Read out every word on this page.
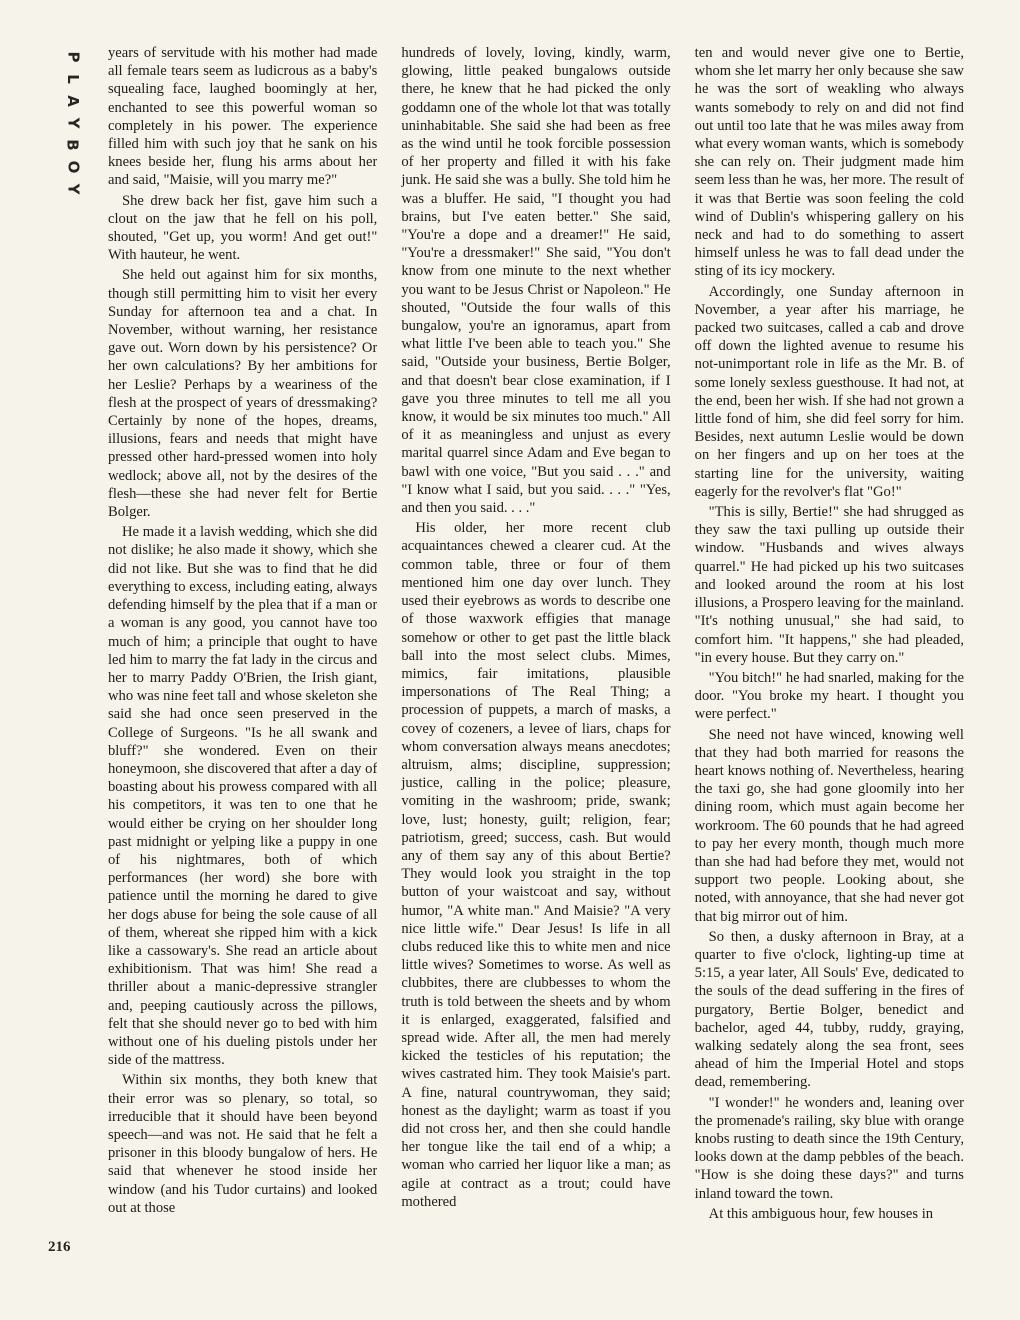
P
L
A
Y
B
O
Y
216

years of servitude with his mother had made all female tears seem as ludicrous as a baby's squealing face, laughed boomingly at her, enchanted to see this powerful woman so completely in his power. The experience filled him with such joy that he sank on his knees beside her, flung his arms about her and said, "Maisie, will you marry me?"

She drew back her fist, gave him such a clout on the jaw that he fell on his poll, shouted, "Get up, you worm! And get out!" With hauteur, he went.

She held out against him for six months, though still permitting him to visit her every Sunday for afternoon tea and a chat. In November, without warning, her resistance gave out. Worn down by his persistence? Or her own calculations? By her ambitions for her Leslie? Perhaps by a weariness of the flesh at the prospect of years of dressmaking? Certainly by none of the hopes, dreams, illusions, fears and needs that might have pressed other hard-pressed women into holy wedlock; above all, not by the desires of the flesh—these she had never felt for Bertie Bolger.

He made it a lavish wedding, which she did not dislike; he also made it showy, which she did not like. But she was to find that he did everything to excess, including eating, always defending himself by the plea that if a man or a woman is any good, you cannot have too much of him; a principle that ought to have led him to marry the fat lady in the circus and her to marry Paddy O'Brien, the Irish giant, who was nine feet tall and whose skeleton she said she had once seen preserved in the College of Surgeons. "Is he all swank and bluff?" she wondered. Even on their honeymoon, she discovered that after a day of boasting about his prowess compared with all his competitors, it was ten to one that he would either be crying on her shoulder long past midnight or yelping like a puppy in one of his nightmares, both of which performances (her word) she bore with patience until the morning he dared to give her dogs abuse for being the sole cause of all of them, whereat she ripped him with a kick like a cassowary's. She read an article about exhibitionism. That was him! She read a thriller about a manic-depressive strangler and, peeping cautiously across the pillows, felt that she should never go to bed with him without one of his dueling pistols under her side of the mattress.

Within six months, they both knew that their error was so plenary, so total, so irreducible that it should have been beyond speech—and was not. He said that he felt a prisoner in this bloody bungalow of hers. He said that whenever he stood inside her window (and his Tudor curtains) and looked out at those

hundreds of lovely, loving, kindly, warm, glowing, little peaked bungalows outside there, he knew that he had picked the only goddamn one of the whole lot that was totally uninhabitable. She said she had been as free as the wind until he took forcible possession of her property and filled it with his fake junk. He said she was a bully. She told him he was a bluffer. He said, "I thought you had brains, but I've eaten better." She said, "You're a dope and a dreamer!" He said, "You're a dressmaker!" She said, "You don't know from one minute to the next whether you want to be Jesus Christ or Napoleon." He shouted, "Outside the four walls of this bungalow, you're an ignoramus, apart from what little I've been able to teach you." She said, "Outside your business, Bertie Bolger, and that doesn't bear close examination, if I gave you three minutes to tell me all you know, it would be six minutes too much." All of it as meaningless and unjust as every marital quarrel since Adam and Eve began to bawl with one voice, "But you said . . ." and "I know what I said, but you said. . . ." "Yes, and then you said. . . ."

His older, her more recent club acquaintances chewed a clearer cud. At the common table, three or four of them mentioned him one day over lunch. They used their eyebrows as words to describe one of those waxwork effigies that manage somehow or other to get past the little black ball into the most select clubs. Mimes, mimics, fair imitations, plausible impersonations of The Real Thing; a procession of puppets, a march of masks, a covey of cozeners, a levee of liars, chaps for whom conversation always means anecdotes; altruism, alms; discipline, suppression; justice, calling in the police; pleasure, vomiting in the washroom; pride, swank; love, lust; honesty, guilt; religion, fear; patriotism, greed; success, cash. But would any of them say any of this about Bertie? They would look you straight in the top button of your waistcoat and say, without humor, "A white man." And Maisie? "A very nice little wife." Dear Jesus! Is life in all clubs reduced like this to white men and nice little wives? Sometimes to worse. As well as clubbites, there are clubbesses to whom the truth is told between the sheets and by whom it is enlarged, exaggerated, falsified and spread wide. After all, the men had merely kicked the testicles of his reputation; the wives castrated him. They took Maisie's part. A fine, natural countrywoman, they said; honest as the daylight; warm as toast if you did not cross her, and then she could handle her tongue like the tail end of a whip; a woman who carried her liquor like a man; as agile at contract as a trout; could have mothered

ten and would never give one to Bertie, whom she let marry her only because she saw he was the sort of weakling who always wants somebody to rely on and did not find out until too late that he was miles away from what every woman wants, which is somebody she can rely on. Their judgment made him seem less than he was, her more. The result of it was that Bertie was soon feeling the cold wind of Dublin's whispering gallery on his neck and had to do something to assert himself unless he was to fall dead under the sting of its icy mockery.

Accordingly, one Sunday afternoon in November, a year after his marriage, he packed two suitcases, called a cab and drove off down the lighted avenue to resume his not-unimportant role in life as the Mr. B. of some lonely sexless guesthouse. It had not, at the end, been her wish. If she had not grown a little fond of him, she did feel sorry for him. Besides, next autumn Leslie would be down on her fingers and up on her toes at the starting line for the university, waiting eagerly for the revolver's flat "Go!"

"This is silly, Bertie!" she had shrugged as they saw the taxi pulling up outside their window. "Husbands and wives always quarrel." He had picked up his two suitcases and looked around the room at his lost illusions, a Prospero leaving for the mainland. "It's nothing unusual," she had said, to comfort him. "It happens," she had pleaded, "in every house. But they carry on."

"You bitch!" he had snarled, making for the door. "You broke my heart. I thought you were perfect."

She need not have winced, knowing well that they had both married for reasons the heart knows nothing of. Nevertheless, hearing the taxi go, she had gone gloomily into her dining room, which must again become her workroom. The 60 pounds that he had agreed to pay her every month, though much more than she had had before they met, would not support two people. Looking about, she noted, with annoyance, that she had never got that big mirror out of him.

So then, a dusky afternoon in Bray, at a quarter to five o'clock, lighting-up time at 5:15, a year later, All Souls' Eve, dedicated to the souls of the dead suffering in the fires of purgatory, Bertie Bolger, benedict and bachelor, aged 44, tubby, ruddy, graying, walking sedately along the sea front, sees ahead of him the Imperial Hotel and stops dead, remembering.

"I wonder!" he wonders and, leaning over the promenade's railing, sky blue with orange knobs rusting to death since the 19th Century, looks down at the damp pebbles of the beach. "How is she doing these days?" and turns inland toward the town.

At this ambiguous hour, few houses in
